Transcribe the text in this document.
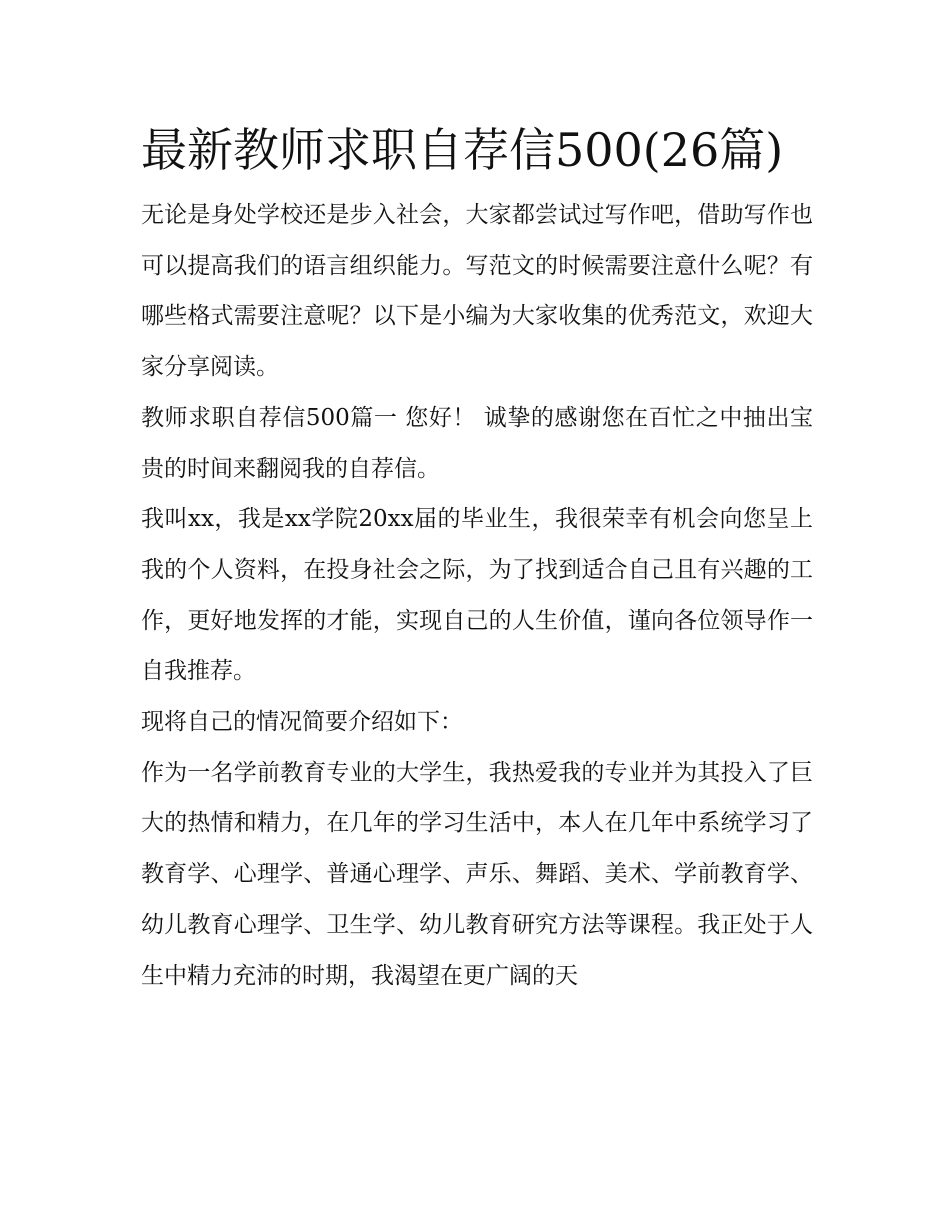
最新教师求职自荐信500(26篇)

无论是身处学校还是步入社会，大家都尝试过写作吧，借助写作也可以提高我们的语言组织能力。写范文的时候需要注意什么呢？有哪些格式需要注意呢？以下是小编为大家收集的优秀范文，欢迎大家分享阅读。

教师求职自荐信500篇一 您好！ 诚挚的感谢您在百忙之中抽出宝贵的时间来翻阅我的自荐信。

我叫xx，我是xx学院20xx届的毕业生，我很荣幸有机会向您呈上我的个人资料，在投身社会之际，为了找到适合自己且有兴趣的工作，更好地发挥的才能，实现自己的人生价值，谨向各位领导作一自我推荐。

现将自己的情况简要介绍如下：

作为一名学前教育专业的大学生，我热爱我的专业并为其投入了巨大的热情和精力，在几年的学习生活中，本人在几年中系统学习了教育学、心理学、普通心理学、声乐、舞蹈、美术、学前教育学、幼儿教育心理学、卫生学、幼儿教育研究方法等课程。我正处于人生中精力充沛的时期，我渴望在更广阔的天
